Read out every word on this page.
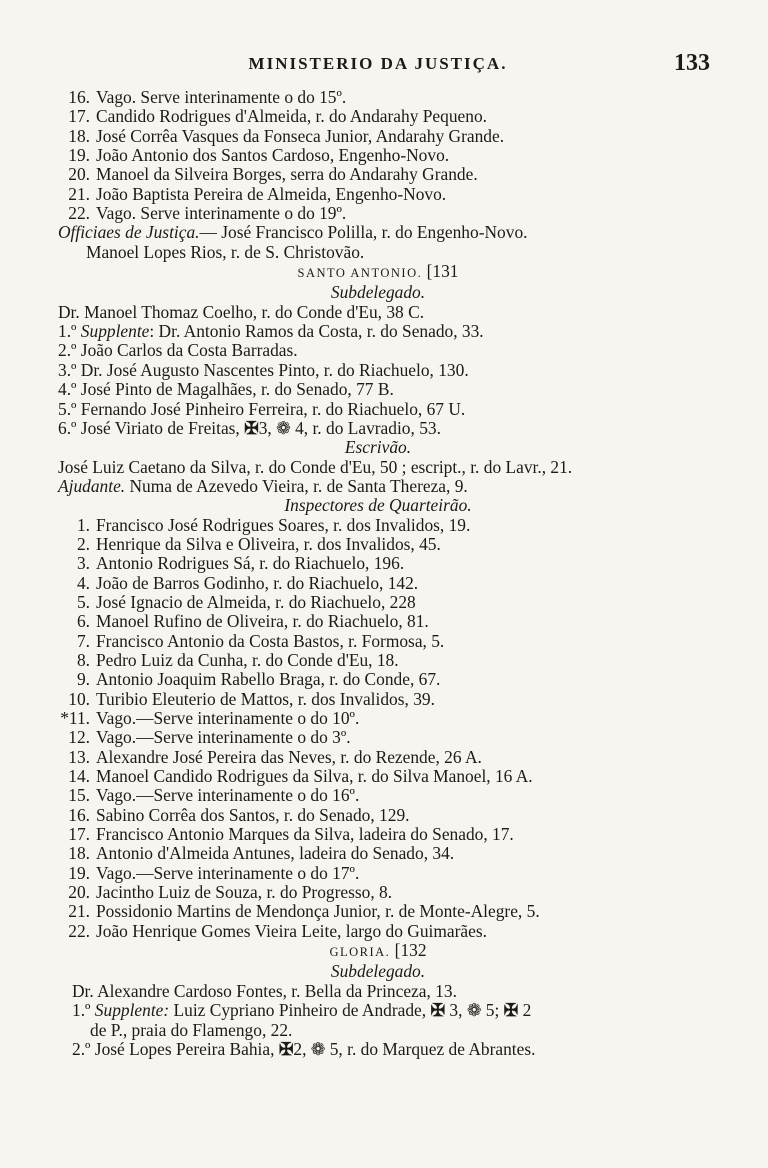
MINISTERIO DA JUSTIÇA.	133
16. Vago. Serve interinamente o do 15º.
17. Candido Rodrigues d'Almeida, r. do Andarahy Pequeno.
18. José Corrêa Vasques da Fonseca Junior, Andarahy Grande.
19. João Antonio dos Santos Cardoso, Engenho-Novo.
20. Manoel da Silveira Borges, serra do Andarahy Grande.
21. João Baptista Pereira de Almeida, Engenho-Novo.
22. Vago. Serve interinamente o do 19º.
Officiaes de Justiça.— José Francisco Polilla, r. do Engenho-Novo.
Manoel Lopes Rios, r. de S. Christovão.
SANTO ANTONIO. [131
Subdelegado.
Dr. Manoel Thomaz Coelho, r. do Conde d'Eu, 38 C.
1.º Supplente: Dr. Antonio Ramos da Costa, r. do Senado, 33.
2.º João Carlos da Costa Barradas.
3.º Dr. José Augusto Nascentes Pinto, r. do Riachuelo, 130.
4.º José Pinto de Magalhães, r. do Senado, 77 B.
5.º Fernando José Pinheiro Ferreira, r. do Riachuelo, 67 U.
6.º José Viriato de Freitas, ✠3, ❁ 4, r. do Lavradio, 53.
Escrivão.
José Luiz Caetano da Silva, r. do Conde d'Eu, 50 ; escript., r. do Lavr., 21.
Ajudante. Numa de Azevedo Vieira, r. de Santa Thereza, 9.
Inspectores de Quarteirão.
1. Francisco José Rodrigues Soares, r. dos Invalidos, 19.
2. Henrique da Silva e Oliveira, r. dos Invalidos, 45.
3. Antonio Rodrigues Sá, r. do Riachuelo, 196.
4. João de Barros Godinho, r. do Riachuelo, 142.
5. José Ignacio de Almeida, r. do Riachuelo, 228
6. Manoel Rufino de Oliveira, r. do Riachuelo, 81.
7. Francisco Antonio da Costa Bastos, r. Formosa, 5.
8. Pedro Luiz da Cunha, r. do Conde d'Eu, 18.
9. Antonio Joaquim Rabello Braga, r. do Conde, 67.
10. Turibio Eleuterio de Mattos, r. dos Invalidos, 39.
*11. Vago.—Serve interinamente o do 10º.
12. Vago.—Serve interinamente o do 3º.
13. Alexandre José Pereira das Neves, r. do Rezende, 26 A.
14. Manoel Candido Rodrigues da Silva, r. do Silva Manoel, 16 A.
15. Vago.—Serve interinamente o do 16º.
16. Sabino Corrêa dos Santos, r. do Senado, 129.
17. Francisco Antonio Marques da Silva, ladeira do Senado, 17.
18. Antonio d'Almeida Antunes, ladeira do Senado, 34.
19. Vago.—Serve interinamente o do 17º.
20. Jacintho Luiz de Souza, r. do Progresso, 8.
21. Possidonio Martins de Mendonça Junior, r. de Monte-Alegre, 5.
22. João Henrique Gomes Vieira Leite, largo do Guimarães.
GLORIA. [132
Subdelegado.
Dr. Alexandre Cardoso Fontes, r. Bella da Princeza, 13.
1.º Supplente: Luiz Cypriano Pinheiro de Andrade, ✠ 3, ❁ 5; ✠ 2
de P., praia do Flamengo, 22.
2.º José Lopes Pereira Bahia, ✠2, ❁ 5, r. do Marquez de Abrantes.
